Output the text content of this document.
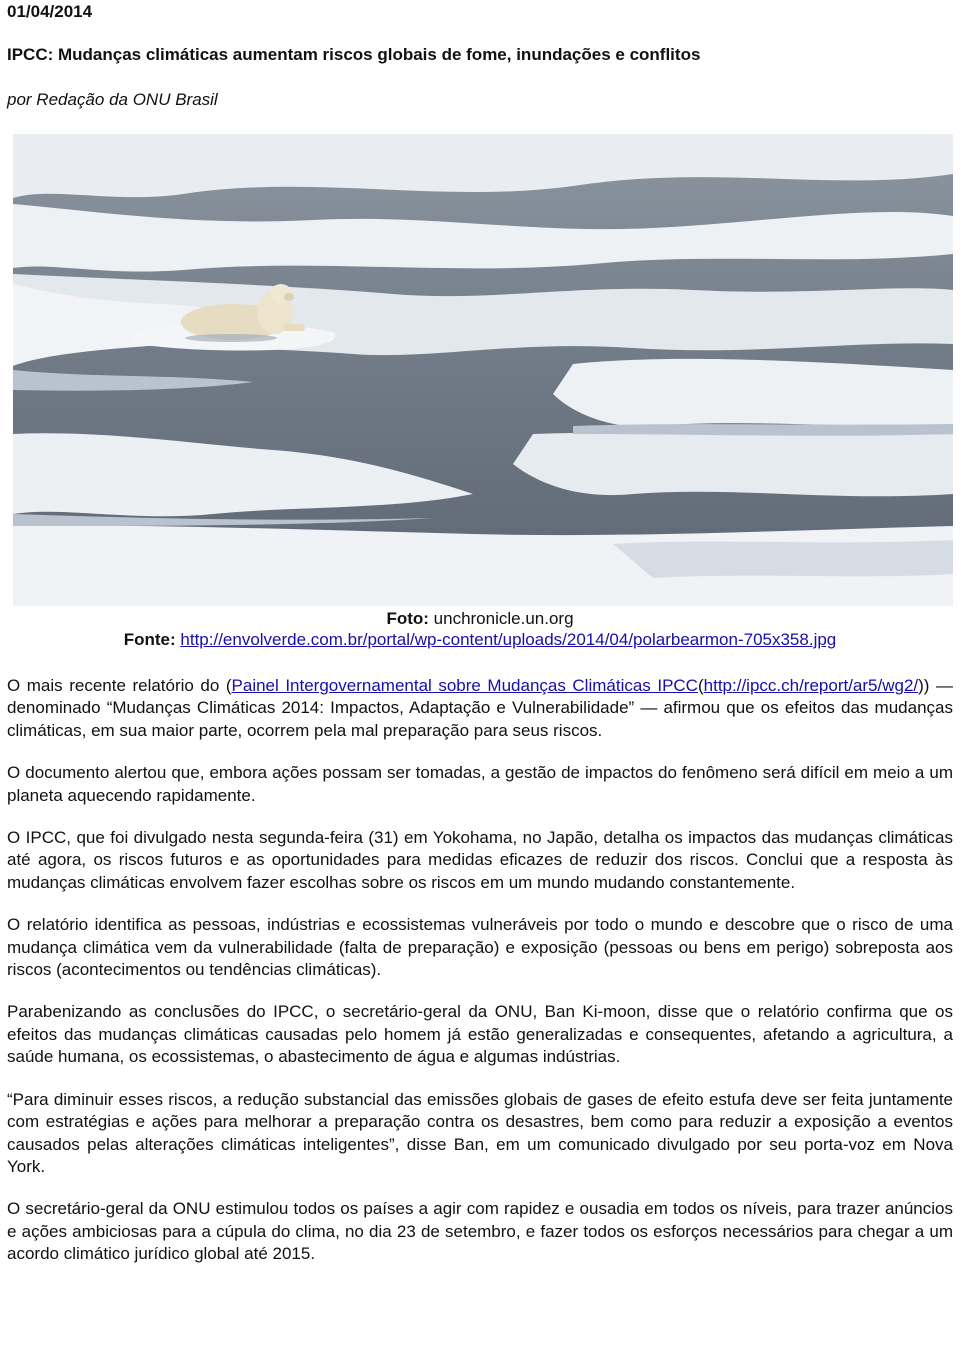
01/04/2014
IPCC: Mudanças climáticas aumentam riscos globais de fome, inundações e conflitos
por Redação da ONU Brasil
Foto: unchronicle.un.org
Fonte: http://envolverde.com.br/portal/wp-content/uploads/2014/04/polarbearmon-705x358.jpg

O mais recente relatório do (Painel Intergovernamental sobre Mudanças Climáticas IPCC(http://ipcc.ch/report/ar5/wg2/)) — denominado “Mudanças Climáticas 2014: Impactos, Adaptação e Vulnerabilidade” — afirmou que os efeitos das mudanças climáticas, em sua maior parte, ocorrem pela mal preparação para seus riscos.

O documento alertou que, embora ações possam ser tomadas, a gestão de impactos do fenômeno será difícil em meio a um planeta aquecendo rapidamente.

O IPCC, que foi divulgado nesta segunda-feira (31) em Yokohama, no Japão, detalha os impactos das mudanças climáticas até agora, os riscos futuros e as oportunidades para medidas eficazes de reduzir dos riscos. Conclui que a resposta às mudanças climáticas envolvem fazer escolhas sobre os riscos em um mundo mudando constantemente.

O relatório identifica as pessoas, indústrias e ecossistemas vulneráveis por todo o mundo e descobre que o risco de uma mudança climática vem da vulnerabilidade (falta de preparação) e exposição (pessoas ou bens em perigo) sobreposta aos riscos (acontecimentos ou tendências climáticas).

Parabenizando as conclusões do IPCC, o secretário-geral da ONU, Ban Ki-moon, disse que o relatório confirma que os efeitos das mudanças climáticas causadas pelo homem já estão generalizadas e consequentes, afetando a agricultura, a saúde humana, os ecossistemas, o abastecimento de água e algumas indústrias.

“Para diminuir esses riscos, a redução substancial das emissões globais de gases de efeito estufa deve ser feita juntamente com estratégias e ações para melhorar a preparação contra os desastres, bem como para reduzir a exposição a eventos causados pelas alterações climáticas inteligentes”, disse Ban, em um comunicado divulgado por seu porta-voz em Nova York.

O secretário-geral da ONU estimulou todos os países a agir com rapidez e ousadia em todos os níveis, para trazer anúncios e ações ambiciosas para a cúpula do clima, no dia 23 de setembro, e fazer todos os esforços necessários para chegar a um acordo climático jurídico global até 2015.
